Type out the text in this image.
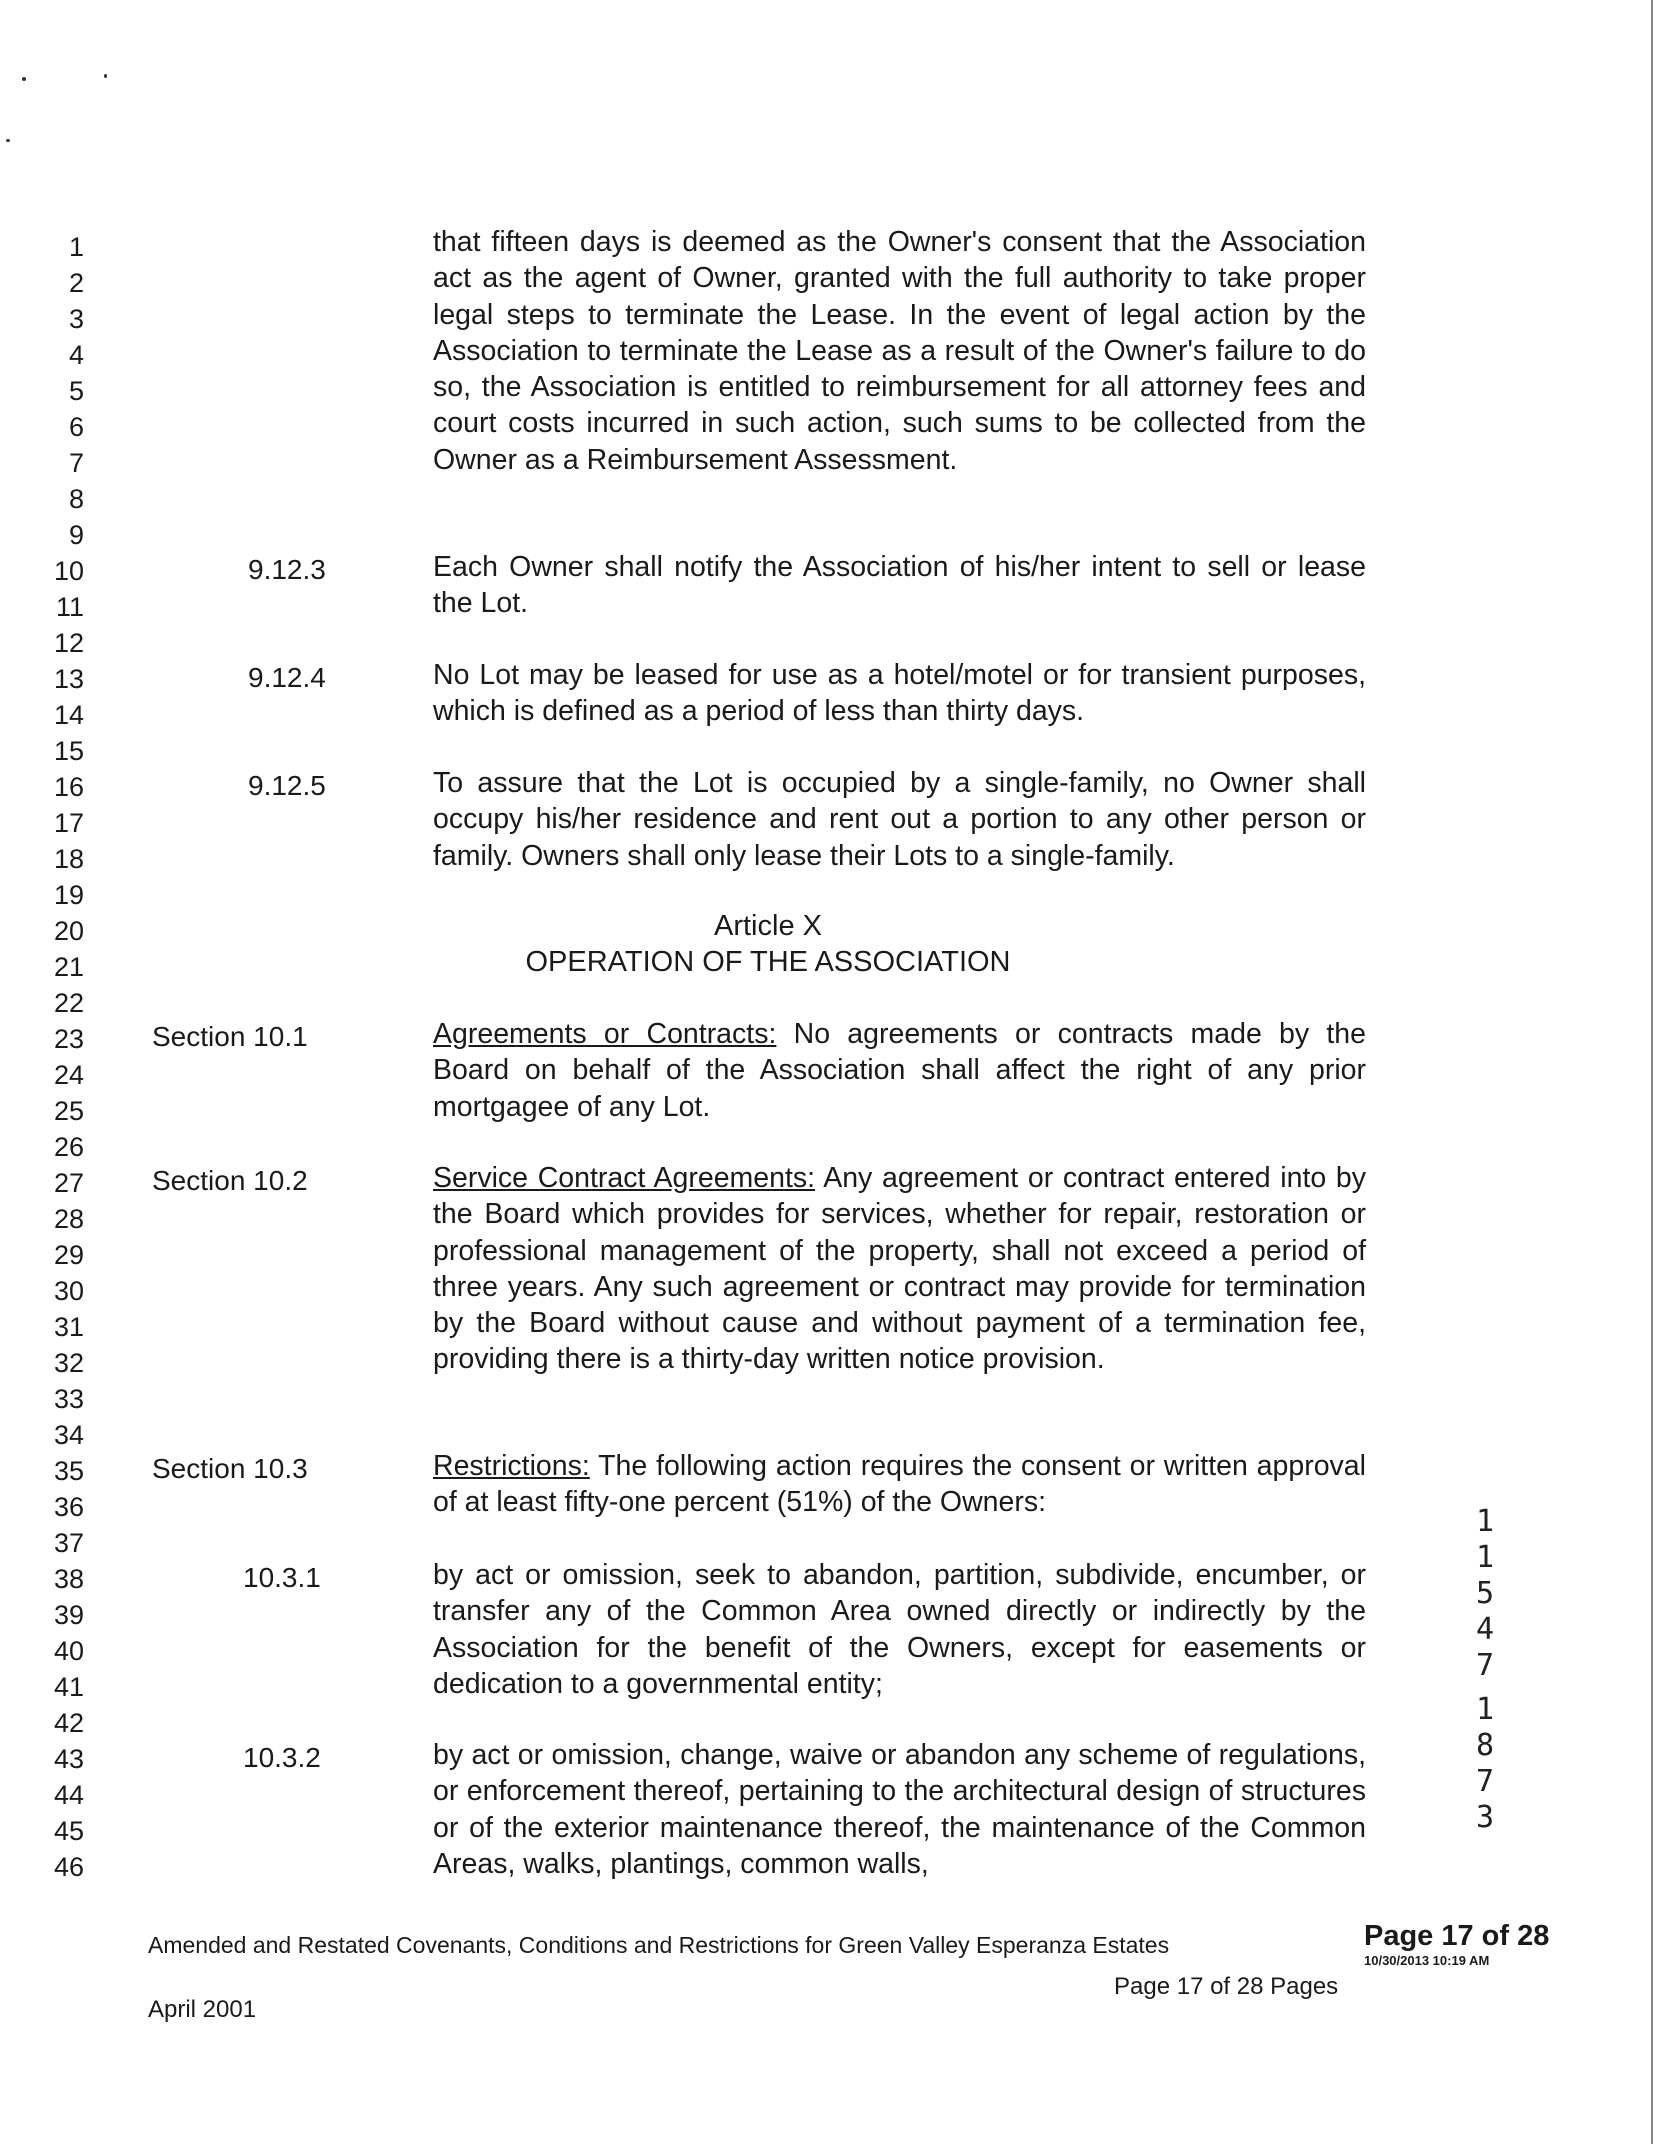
1
2
3
4
5
6
7
8
9
10
11
12
13
14
15
16
17
18
19
20
21
22
23
24
25
26
27
28
29
30
31
32
33
34
35
36
37
38
39
40
41
42
43
44
45
46
that fifteen days is deemed as the Owner's consent that the Association act as the agent of Owner, granted with the full authority to take proper legal steps to terminate the Lease. In the event of legal action by the Association to terminate the Lease as a result of the Owner's failure to do so, the Association is entitled to reimbursement for all attorney fees and court costs incurred in such action, such sums to be collected from the Owner as a Reimbursement Assessment.
9.12.3	Each Owner shall notify the Association of his/her intent to sell or lease the Lot.
9.12.4	No Lot may be leased for use as a hotel/motel or for transient purposes, which is defined as a period of less than thirty days.
9.12.5	To assure that the Lot is occupied by a single-family, no Owner shall occupy his/her residence and rent out a portion to any other person or family. Owners shall only lease their Lots to a single-family.
Article X
OPERATION OF THE ASSOCIATION
Section 10.1	Agreements or Contracts: No agreements or contracts made by the Board on behalf of the Association shall affect the right of any prior mortgagee of any Lot.
Section 10.2	Service Contract Agreements: Any agreement or contract entered into by the Board which provides for services, whether for repair, restoration or professional management of the property, shall not exceed a period of three years. Any such agreement or contract may provide for termination by the Board without cause and without payment of a termination fee, providing there is a thirty-day written notice provision.
Section 10.3	Restrictions: The following action requires the consent or written approval of at least fifty-one percent (51%) of the Owners:
10.3.1	by act or omission, seek to abandon, partition, subdivide, encumber, or transfer any of the Common Area owned directly or indirectly by the Association for the benefit of the Owners, except for easements or dedication to a governmental entity;
10.3.2	by act or omission, change, waive or abandon any scheme of regulations, or enforcement thereof, pertaining to the architectural design of structures or of the exterior maintenance thereof, the maintenance of the Common Areas, walks, plantings, common walls,
1
1
5
4
7
1
8
7
3
Amended and Restated Covenants, Conditions and Restrictions for Green Valley Esperanza Estates
April 2001
Page 17 of 28 Pages
Page 17 of 28
10/30/2013 10:19 AM
